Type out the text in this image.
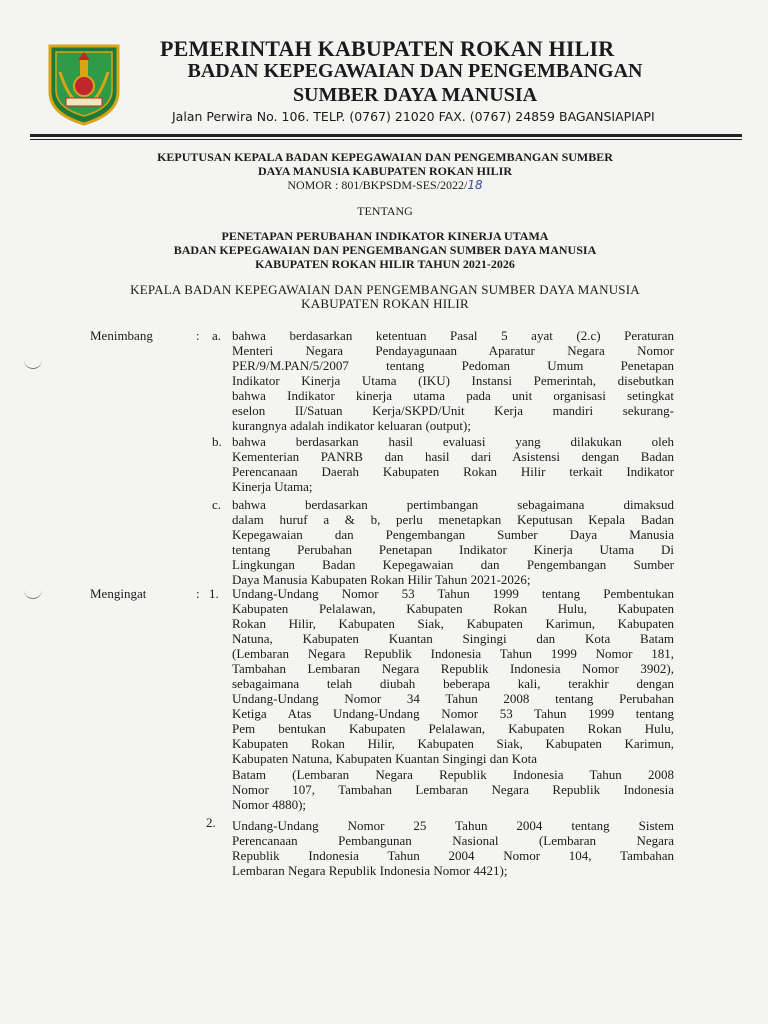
PEMERINTAH KABUPATEN ROKAN HILIR
BADAN KEPEGAWAIAN DAN PENGEMBANGAN
SUMBER DAYA MANUSIA
Jalan Perwira No. 106. TELP. (0767) 21020 FAX. (0767) 24859 BAGANSIAPIAPI
KEPUTUSAN KEPALA BADAN KEPEGAWAIAN DAN PENGEMBANGAN SUMBER
DAYA MANUSIA KABUPATEN ROKAN HILIR
NOMOR : 801/BKPSDM-SES/2022/18
TENTANG
PENETAPAN PERUBAHAN INDIKATOR KINERJA UTAMA
BADAN KEPEGAWAIAN DAN PENGEMBANGAN SUMBER DAYA MANUSIA
KABUPATEN ROKAN HILIR TAHUN 2021-2026
KEPALA BADAN KEPEGAWAIAN DAN PENGEMBANGAN SUMBER DAYA MANUSIA
KABUPATEN ROKAN HILIR
Menimbang	: a. bahwa berdasarkan ketentuan Pasal 5 ayat (2.c) Peraturan
Menteri Negara Pendayagunaan Aparatur Negara Nomor
PER/9/M.PAN/5/2007 tentang Pedoman Umum Penetapan
Indikator Kinerja Utama (IKU) Instansi Pemerintah, disebutkan
bahwa Indikator kinerja utama pada unit organisasi setingkat
eselon II/Satuan Kerja/SKPD/Unit Kerja mandiri sekurang-
kurangnya adalah indikator keluaran (output);
b. bahwa berdasarkan hasil evaluasi yang dilakukan oleh
Kementerian PANRB dan hasil dari Asistensi dengan Badan
Perencanaan Daerah Kabupaten Rokan Hilir terkait Indikator
Kinerja Utama;
c. bahwa berdasarkan pertimbangan sebagaimana dimaksud
dalam huruf a & b, perlu menetapkan Keputusan Kepala Badan
Kepegawaian dan Pengembangan Sumber Daya Manusia
tentang Perubahan Penetapan Indikator Kinerja Utama Di
Lingkungan Badan Kepegawaian dan Pengembangan Sumber
Daya Manusia Kabupaten Rokan Hilir Tahun 2021-2026;
Mengingat	: 1. Undang-Undang Nomor 53 Tahun 1999 tentang Pembentukan
Kabupaten Pelalawan, Kabupaten Rokan Hulu, Kabupaten
Rokan Hilir, Kabupaten Siak, Kabupaten Karimun, Kabupaten
Natuna, Kabupaten Kuantan Singingi dan Kota Batam
(Lembaran Negara Republik Indonesia Tahun 1999 Nomor 181,
Tambahan Lembaran Negara Republik Indonesia Nomor 3902),
sebagaimana telah diubah beberapa kali, terakhir dengan
Undang-Undang Nomor 34 Tahun 2008 tentang Perubahan
Ketiga Atas Undang-Undang Nomor 53 Tahun 1999 tentang
Pem bentukan Kabupaten Pelalawan, Kabupaten Rokan Hulu,
Kabupaten Rokan Hilir, Kabupaten Siak, Kabupaten Karimun,
Kabupaten Natuna, Kabupaten Kuantan Singingi dan Kota
Batam (Lembaran Negara Republik Indonesia Tahun 2008
Nomor 107, Tambahan Lembaran Negara Republik Indonesia
Nomor 4880);
2. Undang-Undang Nomor 25 Tahun 2004 tentang Sistem
Perencanaan Pembangunan Nasional (Lembaran Negara
Republik Indonesia Tahun 2004 Nomor 104, Tambahan
Lembaran Negara Republik Indonesia Nomor 4421);
